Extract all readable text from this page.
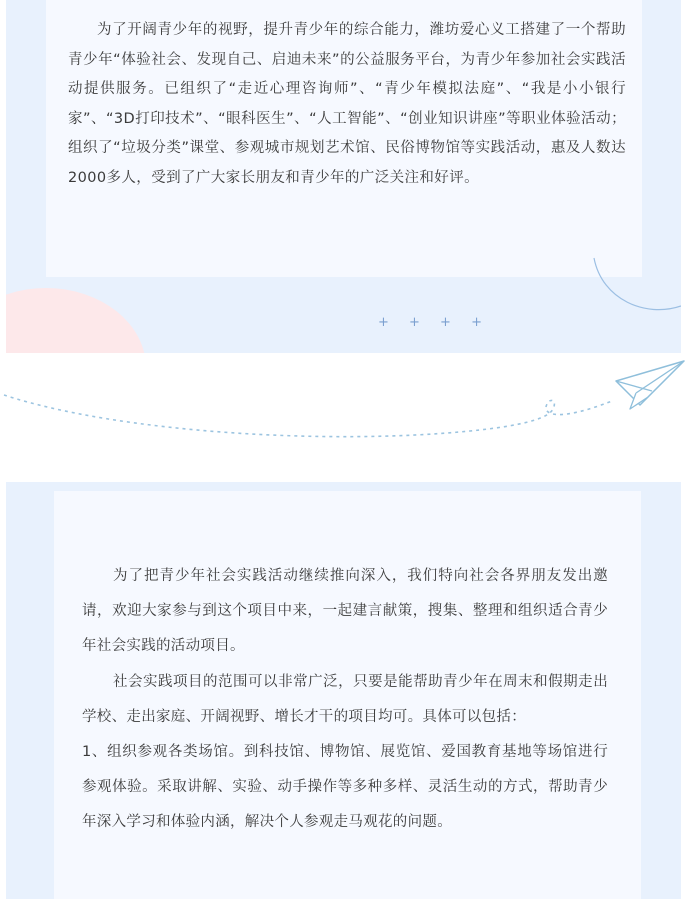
为了开阔青少年的视野，提升青少年的综合能力，潍坊爱心义工搭建了一个帮助青少年“体验社会、发现自己、启迪未来”的公益服务平台，为青少年参加社会实践活动提供服务。已组织了“走近心理咨询师”、“青少年模拟法庭”、“我是小小银行家”、“3D打印技术”、“眼科医生”、“人工智能”、“创业知识讲座”等职业体验活动；组织了“垃圾分类”课堂、参观城市规划艺术馆、民俗博物馆等实践活动，惠及人数达2000多人，受到了广大家长朋友和青少年的广泛关注和好评。

+ + + +

为了把青少年社会实践活动继续推向深入，我们特向社会各界朋友发出邀请，欢迎大家参与到这个项目中来，一起建言献策，搜集、整理和组织适合青少年社会实践的活动项目。

社会实践项目的范围可以非常广泛，只要是能帮助青少年在周末和假期走出学校、走出家庭、开阔视野、增长才干的项目均可。具体可以包括：

1、组织参观各类场馆。到科技馆、博物馆、展览馆、爱国教育基地等场馆进行参观体验。采取讲解、实验、动手操作等多种多样、灵活生动的方式，帮助青少年深入学习和体验内涵，解决个人参观走马观花的问题。
